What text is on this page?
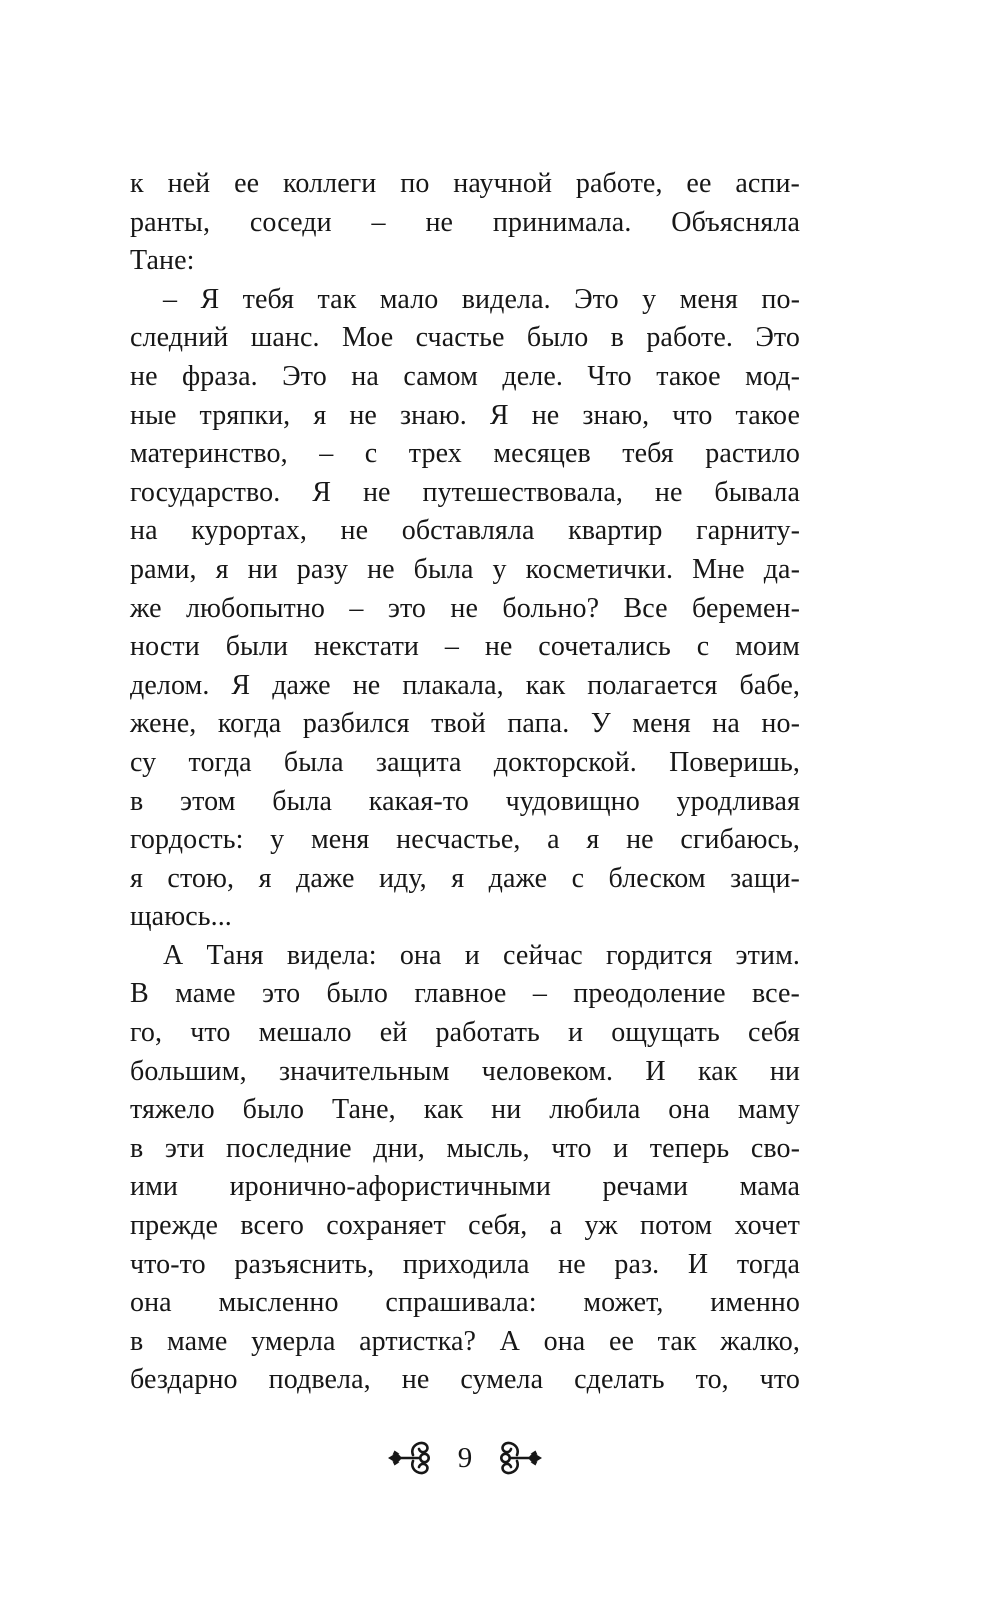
к ней ее коллеги по научной работе, ее аспи-
ранты, соседи – не принимала. Объясняла
Тане:
– Я тебя так мало видела. Это у меня по-
следний шанс. Мое счастье было в работе. Это
не фраза. Это на самом деле. Что такое мод-
ные тряпки, я не знаю. Я не знаю, что такое
материнство, – с трех месяцев тебя растило
государство. Я не путешествовала, не бывала
на курортах, не обставляла квартир гарниту-
рами, я ни разу не была у косметички. Мне да-
же любопытно – это не больно? Все беремен-
ности были некстати – не сочетались с моим
делом. Я даже не плакала, как полагается бабе,
жене, когда разбился твой папа. У меня на но-
су тогда была защита докторской. Поверишь,
в этом была какая-то чудовищно уродливая
гордость: у меня несчастье, а я не сгибаюсь,
я стою, я даже иду, я даже с блеском защи-
щаюсь...
А Таня видела: она и сейчас гордится этим.
В маме это было главное – преодоление все-
го, что мешало ей работать и ощущать себя
большим, значительным человеком. И как ни
тяжело было Тане, как ни любила она маму
в эти последние дни, мысль, что и теперь сво-
ими иронично-афористичными речами мама
прежде всего сохраняет себя, а уж потом хочет
что-то разъяснить, приходила не раз. И тогда
она мысленно спрашивала: может, именно
в маме умерла артистка? А она ее так жалко,
бездарно подвела, не сумела сделать то, что
9
